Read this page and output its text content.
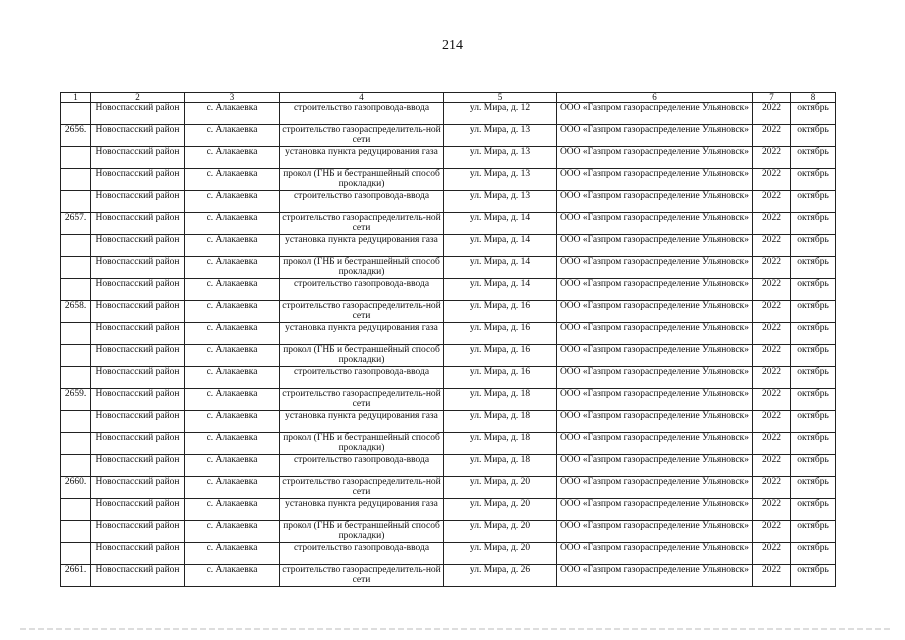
214
1	2	3	4	5	6	7	8
	Новоспасский район	с. Алакаевка	строительство газопровода-ввода	ул. Мира, д. 12	ООО «Газпром газораспределение Ульяновск»	2022	октябрь
2656.	Новоспасский район	с. Алакаевка	строительство газораспределитель-ной сети	ул. Мира, д. 13	ООО «Газпром газораспределение Ульяновск»	2022	октябрь
	Новоспасский район	с. Алакаевка	установка пункта редуцирования газа	ул. Мира, д. 13	ООО «Газпром газораспределение Ульяновск»	2022	октябрь
	Новоспасский район	с. Алакаевка	прокол (ГНБ и бестраншейный способ прокладки)	ул. Мира, д. 13	ООО «Газпром газораспределение Ульяновск»	2022	октябрь
	Новоспасский район	с. Алакаевка	строительство газопровода-ввода	ул. Мира, д. 13	ООО «Газпром газораспределение Ульяновск»	2022	октябрь
2657.	Новоспасский район	с. Алакаевка	строительство газораспределитель-ной сети	ул. Мира, д. 14	ООО «Газпром газораспределение Ульяновск»	2022	октябрь
	Новоспасский район	с. Алакаевка	установка пункта редуцирования газа	ул. Мира, д. 14	ООО «Газпром газораспределение Ульяновск»	2022	октябрь
	Новоспасский район	с. Алакаевка	прокол (ГНБ и бестраншейный способ прокладки)	ул. Мира, д. 14	ООО «Газпром газораспределение Ульяновск»	2022	октябрь
	Новоспасский район	с. Алакаевка	строительство газопровода-ввода	ул. Мира, д. 14	ООО «Газпром газораспределение Ульяновск»	2022	октябрь
2658.	Новоспасский район	с. Алакаевка	строительство газораспределитель-ной сети	ул. Мира, д. 16	ООО «Газпром газораспределение Ульяновск»	2022	октябрь
	Новоспасский район	с. Алакаевка	установка пункта редуцирования газа	ул. Мира, д. 16	ООО «Газпром газораспределение Ульяновск»	2022	октябрь
	Новоспасский район	с. Алакаевка	прокол (ГНБ и бестраншейный способ прокладки)	ул. Мира, д. 16	ООО «Газпром газораспределение Ульяновск»	2022	октябрь
	Новоспасский район	с. Алакаевка	строительство газопровода-ввода	ул. Мира, д. 16	ООО «Газпром газораспределение Ульяновск»	2022	октябрь
2659.	Новоспасский район	с. Алакаевка	строительство газораспределитель-ной сети	ул. Мира, д. 18	ООО «Газпром газораспределение Ульяновск»	2022	октябрь
	Новоспасский район	с. Алакаевка	установка пункта редуцирования газа	ул. Мира, д. 18	ООО «Газпром газораспределение Ульяновск»	2022	октябрь
	Новоспасский район	с. Алакаевка	прокол (ГНБ и бестраншейный способ прокладки)	ул. Мира, д. 18	ООО «Газпром газораспределение Ульяновск»	2022	октябрь
	Новоспасский район	с. Алакаевка	строительство газопровода-ввода	ул. Мира, д. 18	ООО «Газпром газораспределение Ульяновск»	2022	октябрь
2660.	Новоспасский район	с. Алакаевка	строительство газораспределитель-ной сети	ул. Мира, д. 20	ООО «Газпром газораспределение Ульяновск»	2022	октябрь
	Новоспасский район	с. Алакаевка	установка пункта редуцирования газа	ул. Мира, д. 20	ООО «Газпром газораспределение Ульяновск»	2022	октябрь
	Новоспасский район	с. Алакаевка	прокол (ГНБ и бестраншейный способ прокладки)	ул. Мира, д. 20	ООО «Газпром газораспределение Ульяновск»	2022	октябрь
	Новоспасский район	с. Алакаевка	строительство газопровода-ввода	ул. Мира, д. 20	ООО «Газпром газораспределение Ульяновск»	2022	октябрь
2661.	Новоспасский район	с. Алакаевка	строительство газораспределитель-ной сети	ул. Мира, д. 26	ООО «Газпром газораспределение Ульяновск»	2022	октябрь
